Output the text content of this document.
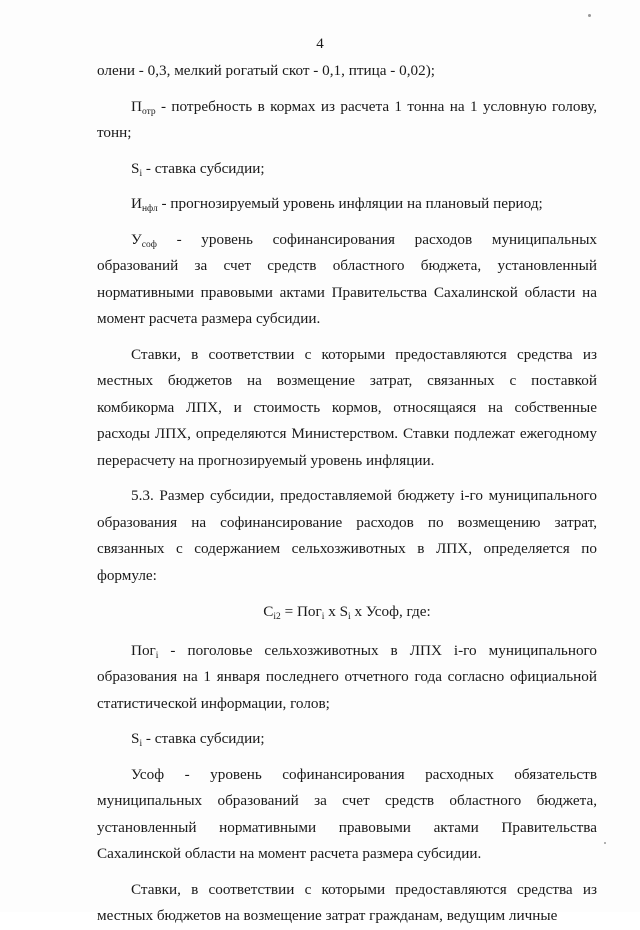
4

олени - 0,3, мелкий рогатый скот - 0,1, птица - 0,02);

$П_{отр}$ - потребность в кормах из расчета 1 тонна на 1 условную голову, тонн;

$S_i$ - ставка субсидии;

$И_{нфл}$ - прогнозируемый уровень инфляции на плановый период;

$У_{соф}$ - уровень софинансирования расходов муниципальных образований за счет средств областного бюджета, установленный нормативными правовыми актами Правительства Сахалинской области на момент расчета размера субсидии.

Ставки, в соответствии с которыми предоставляются средства из местных бюджетов на возмещение затрат, связанных с поставкой комбикорма ЛПХ, и стоимость кормов, относящаяся на собственные расходы ЛПХ, определяются Министерством. Ставки подлежат ежегодному перерасчету на прогнозируемый уровень инфляции.

5.3. Размер субсидии, предоставляемой бюджету i-го муниципального образования на софинансирование расходов по возмещению затрат, связанных с содержанием сельхозживотных в ЛПХ, определяется по формуле:

$С_{i2} = Пог_i$ x $S_i$ x Усоф, где:

Пог$_i$ - поголовье сельхозживотных в ЛПХ i-го муниципального образования на 1 января последнего отчетного года согласно официальной статистической информации, голов;

$S_i$ - ставка субсидии;

Усоф - уровень софинансирования расходных обязательств муниципальных образований за счет средств областного бюджета, установленный нормативными правовыми актами Правительства Сахалинской области на момент расчета размера субсидии.

Ставки, в соответствии с которыми предоставляются средства из местных бюджетов на возмещение затрат гражданам, ведущим личные
